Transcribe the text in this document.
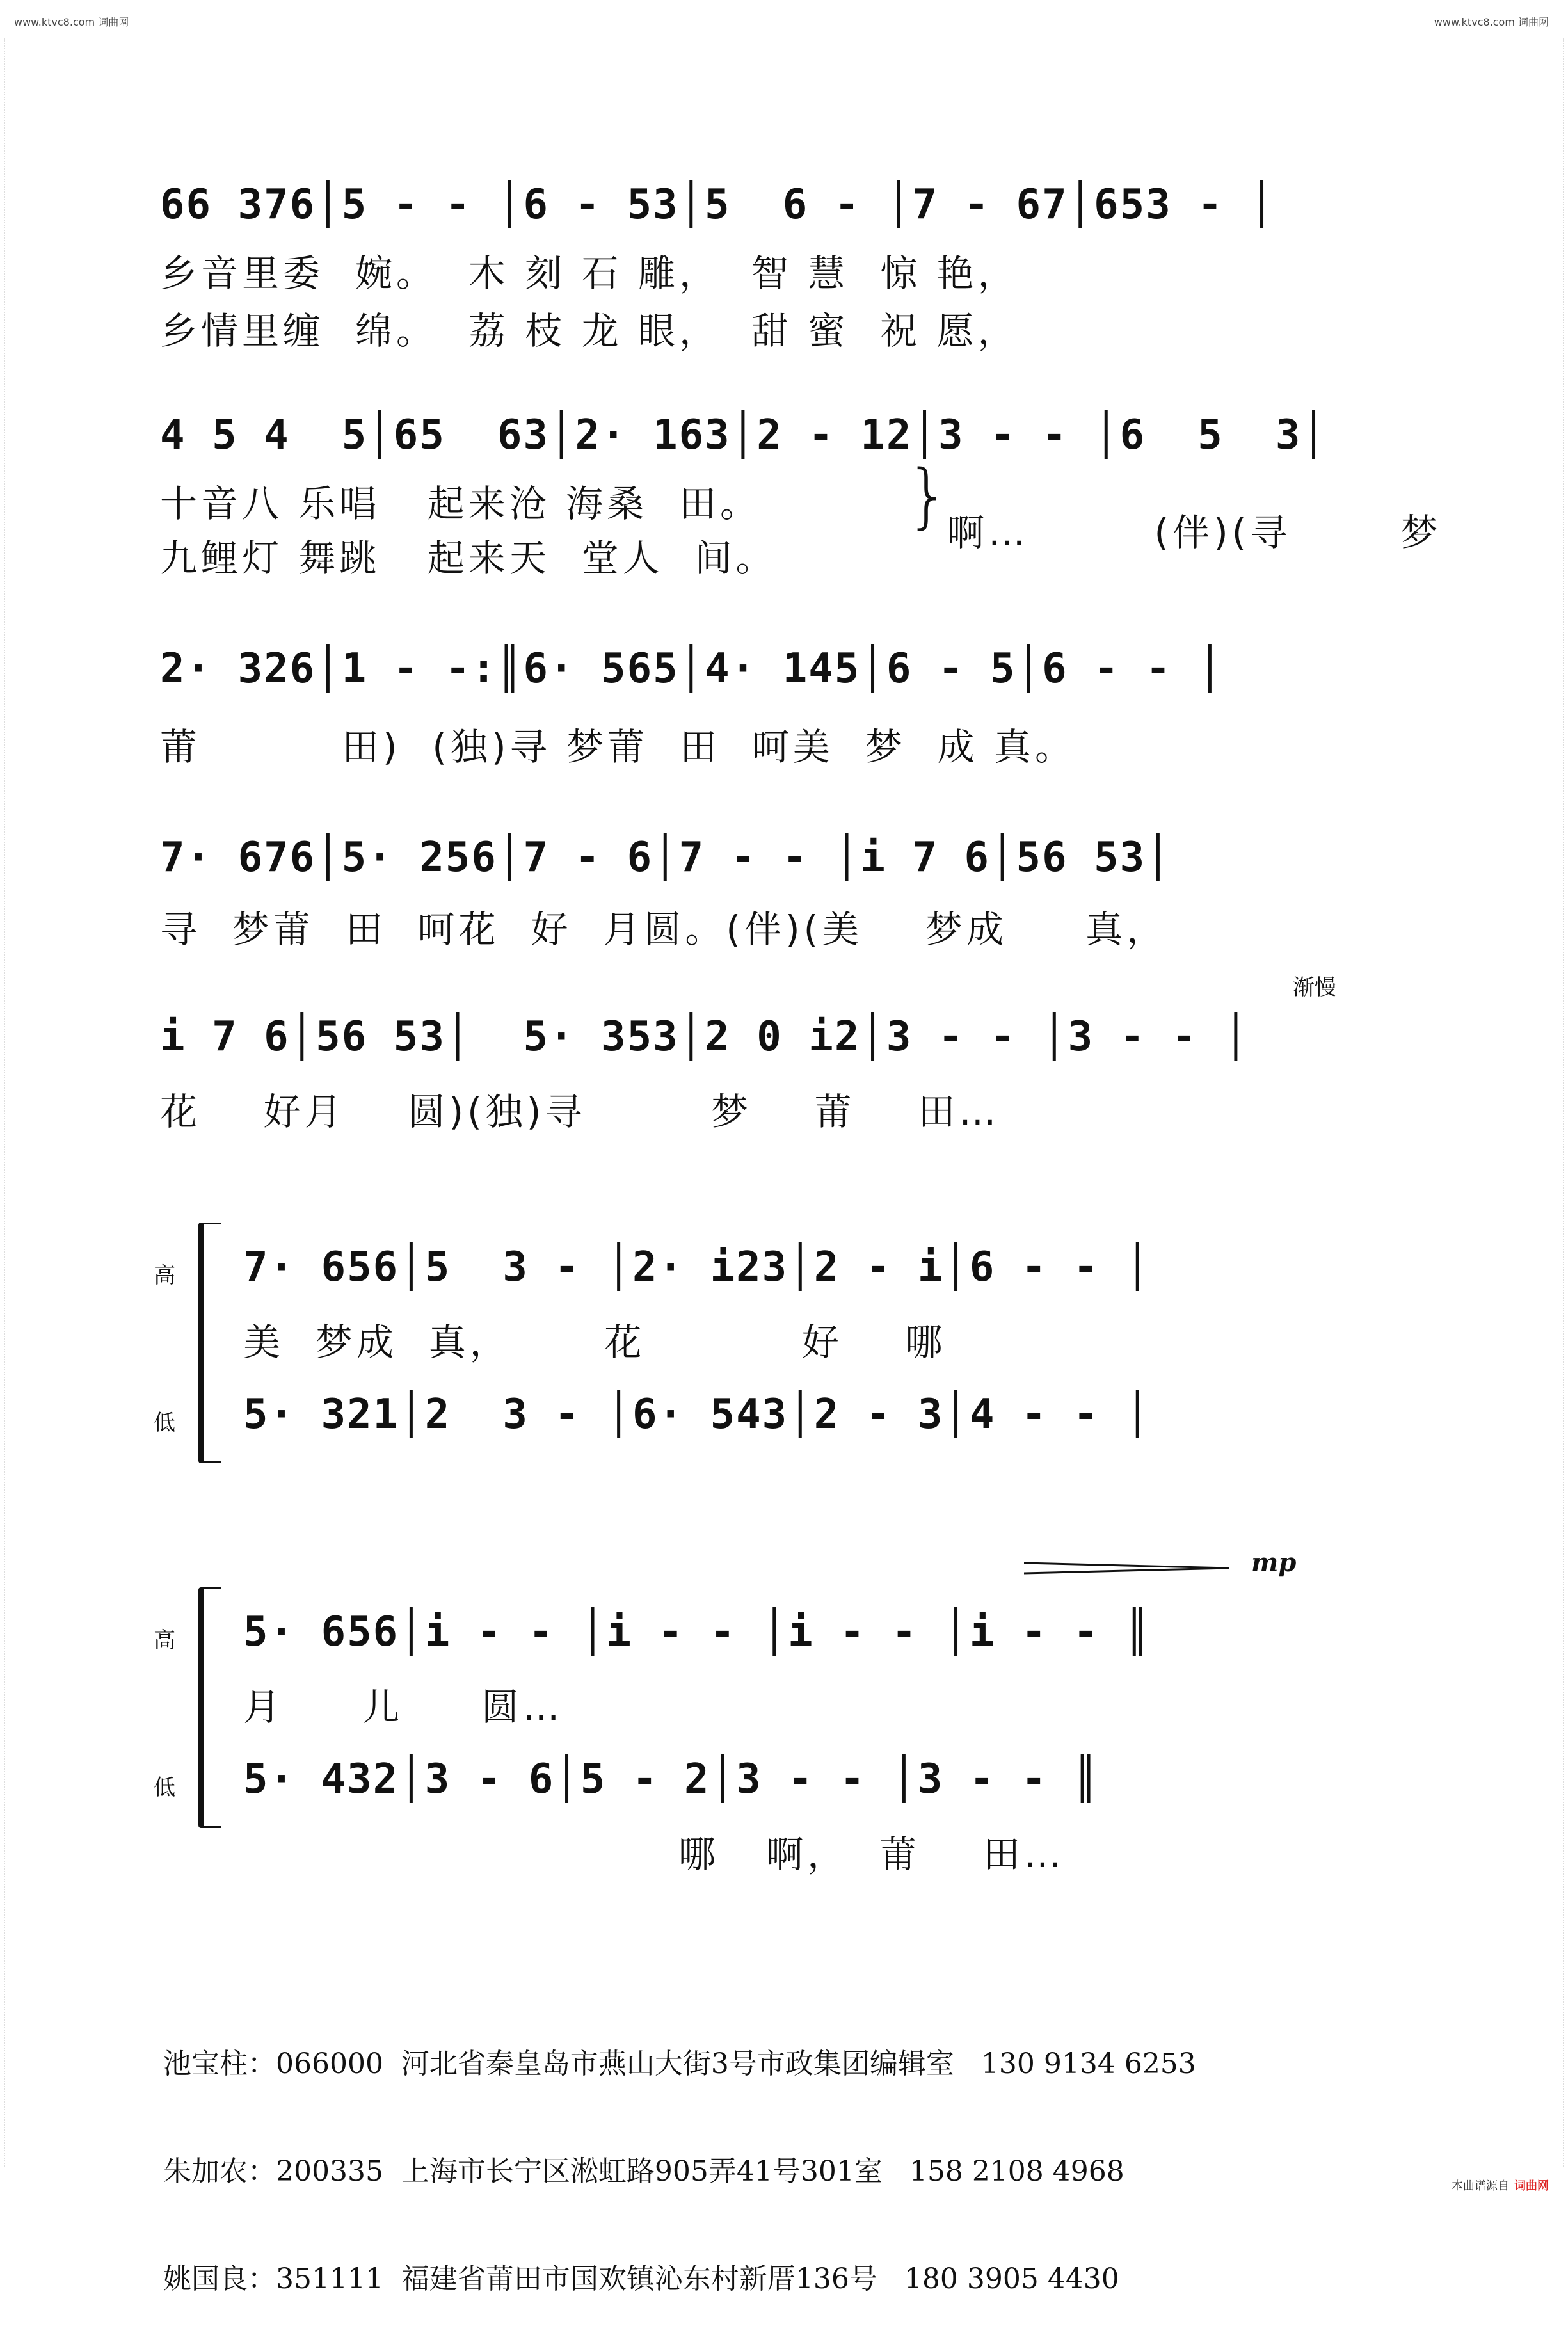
www.ktvc8.com 词曲网	www.ktvc8.com 词曲网
66 376│5 - - │6 - 53│5  6 - │7 - 67│653 - │
乡音里委  婉。  木 刻 石 雕，  智 慧  惊 艳，
乡情里缠  绵。  荔 枝 龙 眼，  甜 蜜  祝 愿，
4 5 4  5│65  63│2· 163│2 - 12│3 - - │6  5  3│
十音八 乐唱   起来沧 海桑  田。
九鲤灯 舞跳   起来天  堂人  间。
}
啊…        (伴)(寻       梦
2· 326│1 - -:║6· 565│4· 145│6 - 5│6 - - │
莆         田)  (独)寻 梦莆  田  呵美  梦  成 真。
7· 676│5· 256│7 - 6│7 - - │i 7 6│56 53│
寻  梦莆  田  呵花  好  月圆。(伴)(美    梦成     真，
i 7 6│56 53│  5· 353│2 0 i2│3 - - │3 - - │
花    好月    圆)(独)寻        梦    莆    田…
渐慢
高
低
7· 656│5  3 - │2· i23│2 - i│6 - - │
美  梦成  真，      花          好    哪
5· 321│2  3 - │6· 543│2 - 3│4 - - │
高
低
5· 656│i - - │i - - │i - - │i - - ║
月     儿     圆…
5· 432│3 - 6│5 - 2│3 - - │3 - - ║
哪   啊，  莆    田…
mp

池宝柱：066000  河北省秦皇岛市燕山大街3号市政集团编辑室   130 9134 6253

朱加农：200335  上海市长宁区淞虹路905弄41号301室   158 2108 4968

姚国良：351111  福建省莆田市国欢镇沁东村新厝136号   180 3905 4430

本曲谱源自 词曲网
